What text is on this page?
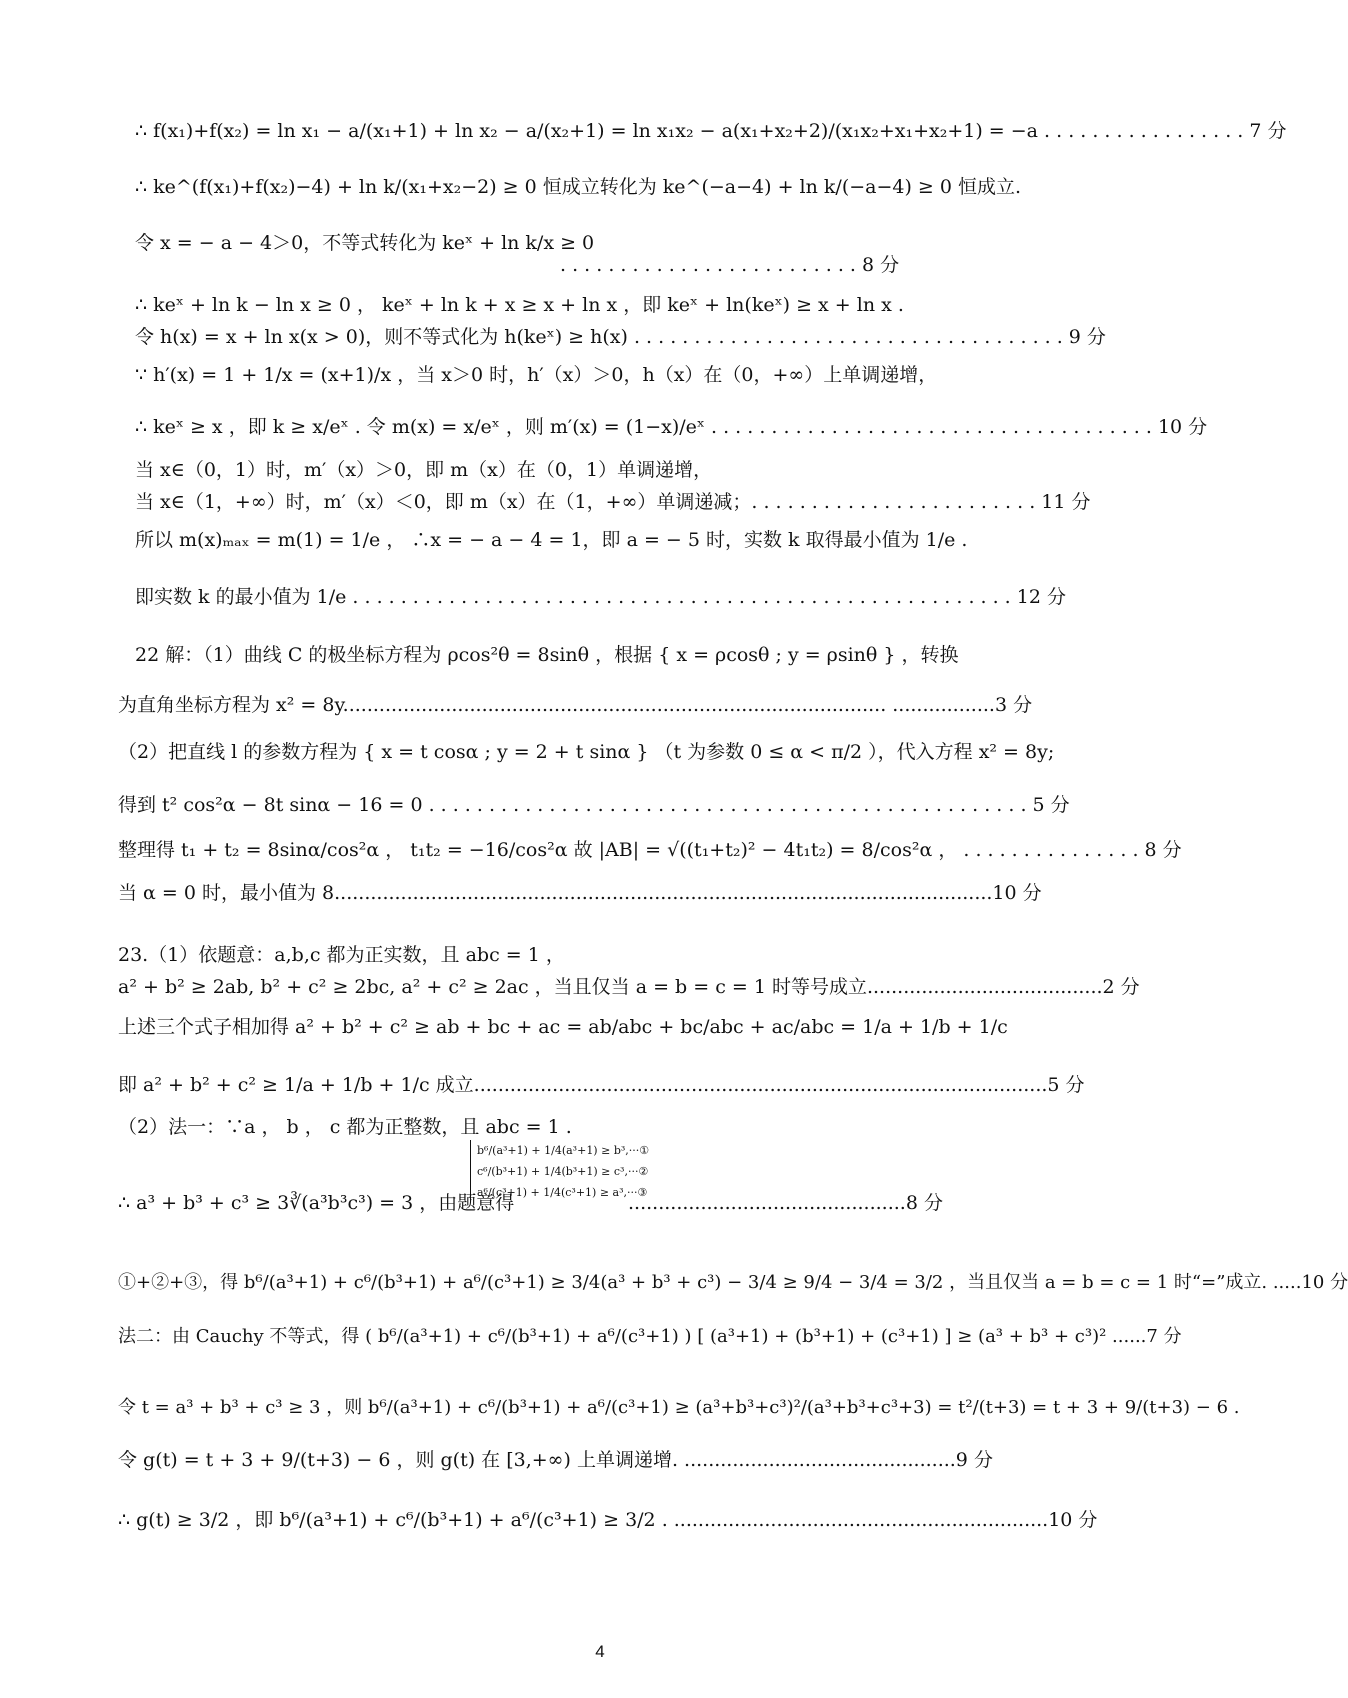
∴ f(x₁)+f(x₂) = ln x₁ − a/(x₁+1) + ln x₂ − a/(x₂+1) = ln x₁x₂ − a(x₁+x₂+2)/(x₁x₂+x₁+x₂+1) = −a . . . . . . . . . . . . . . . . . 7 分
∴ ke^(f(x₁)+f(x₂)−4) + ln k/(x₁+x₂−2) ≥ 0 恒成立转化为 ke^(−a−4) + ln k/(−a−4) ≥ 0 恒成立.
令 x = − a − 4＞0，不等式转化为 keˣ + ln k/x ≥ 0
. . . . . . . . . . . . . . . . . . . . . . . . . 8 分
∴ keˣ + ln k − ln x ≥ 0 ， keˣ + ln k + x ≥ x + ln x ，即 keˣ + ln(keˣ) ≥ x + ln x .
令 h(x) = x + ln x(x > 0)，则不等式化为 h(keˣ) ≥ h(x) . . . . . . . . . . . . . . . . . . . . . . . . . . . . . . . . . . . . 9 分
∵ h′(x) = 1 + 1/x = (x+1)/x ，当 x＞0 时，h′（x）＞0，h（x）在（0，+∞）上单调递增，
∴ keˣ ≥ x ，即 k ≥ x/eˣ . 令 m(x) = x/eˣ ，则 m′(x) = (1−x)/eˣ . . . . . . . . . . . . . . . . . . . . . . . . . . . . . . . . . . . . . 10 分
当 x∈（0，1）时，m′（x）＞0，即 m（x）在（0，1）单调递增，
当 x∈（1，+∞）时，m′（x）＜0，即 m（x）在（1，+∞）单调递减；. . . . . . . . . . . . . . . . . . . . . . . . 11 分
所以 m(x)ₘₐₓ = m(1) = 1/e ， ∴x = − a − 4 = 1，即 a = − 5 时，实数 k 取得最小值为 1/e .
即实数 k 的最小值为 1/e . . . . . . . . . . . . . . . . . . . . . . . . . . . . . . . . . . . . . . . . . . . . . . . . . . . . . . . 12 分
22 解：（1）曲线 C 的极坐标方程为 ρcos²θ = 8sinθ ，根据 { x = ρcosθ ; y = ρsinθ } ，转换
为直角坐标方程为 x² = 8y.......................................................................................... .................3 分
（2）把直线 l 的参数方程为 { x = t cosα ; y = 2 + t sinα } （t 为参数 0 ≤ α < π/2 ），代入方程 x² = 8y;
得到 t² cos²α − 8t sinα − 16 = 0 . . . . . . . . . . . . . . . . . . . . . . . . . . . . . . . . . . . . . . . . . . . . . . . . . . 5 分
整理得 t₁ + t₂ = 8sinα/cos²α ， t₁t₂ = −16/cos²α 故 |AB| = √((t₁+t₂)² − 4t₁t₂) = 8/cos²α ， . . . . . . . . . . . . . . . 8 分
当 α = 0 时，最小值为 8.............................................................................................................10 分
23.（1）依题意：a,b,c 都为正实数，且 abc = 1 ，
a² + b² ≥ 2ab, b² + c² ≥ 2bc, a² + c² ≥ 2ac ，当且仅当 a = b = c = 1 时等号成立.......................................2 分
上述三个式子相加得 a² + b² + c² ≥ ab + bc + ac = ab/abc + bc/abc + ac/abc = 1/a + 1/b + 1/c
即 a² + b² + c² ≥ 1/a + 1/b + 1/c 成立...............................................................................................5 分
（2）法一：∵a ， b ， c 都为正整数，且 abc = 1 .
b⁶/(a³+1) + 1/4(a³+1) ≥ b³,···①
c⁶/(b³+1) + 1/4(b³+1) ≥ c³,···②
a⁶/(c³+1) + 1/4(c³+1) ≥ a³,···③
∴ a³ + b³ + c³ ≥ 3∛(a³b³c³) = 3 ，由题意得	..............................................8 分
①+②+③，得 b⁶/(a³+1) + c⁶/(b³+1) + a⁶/(c³+1) ≥ 3/4(a³ + b³ + c³) − 3/4 ≥ 9/4 − 3/4 = 3/2 ，当且仅当 a = b = c = 1 时“=”成立. .....10 分
法二：由 Cauchy 不等式，得 ( b⁶/(a³+1) + c⁶/(b³+1) + a⁶/(c³+1) ) [ (a³+1) + (b³+1) + (c³+1) ] ≥ (a³ + b³ + c³)² ......7 分
令 t = a³ + b³ + c³ ≥ 3 ，则 b⁶/(a³+1) + c⁶/(b³+1) + a⁶/(c³+1) ≥ (a³+b³+c³)²/(a³+b³+c³+3) = t²/(t+3) = t + 3 + 9/(t+3) − 6 .
令 g(t) = t + 3 + 9/(t+3) − 6 ，则 g(t) 在 [3,+∞) 上单调递增. .............................................9 分
∴ g(t) ≥ 3/2 ，即 b⁶/(a³+1) + c⁶/(b³+1) + a⁶/(c³+1) ≥ 3/2 . ..............................................................10 分
4
